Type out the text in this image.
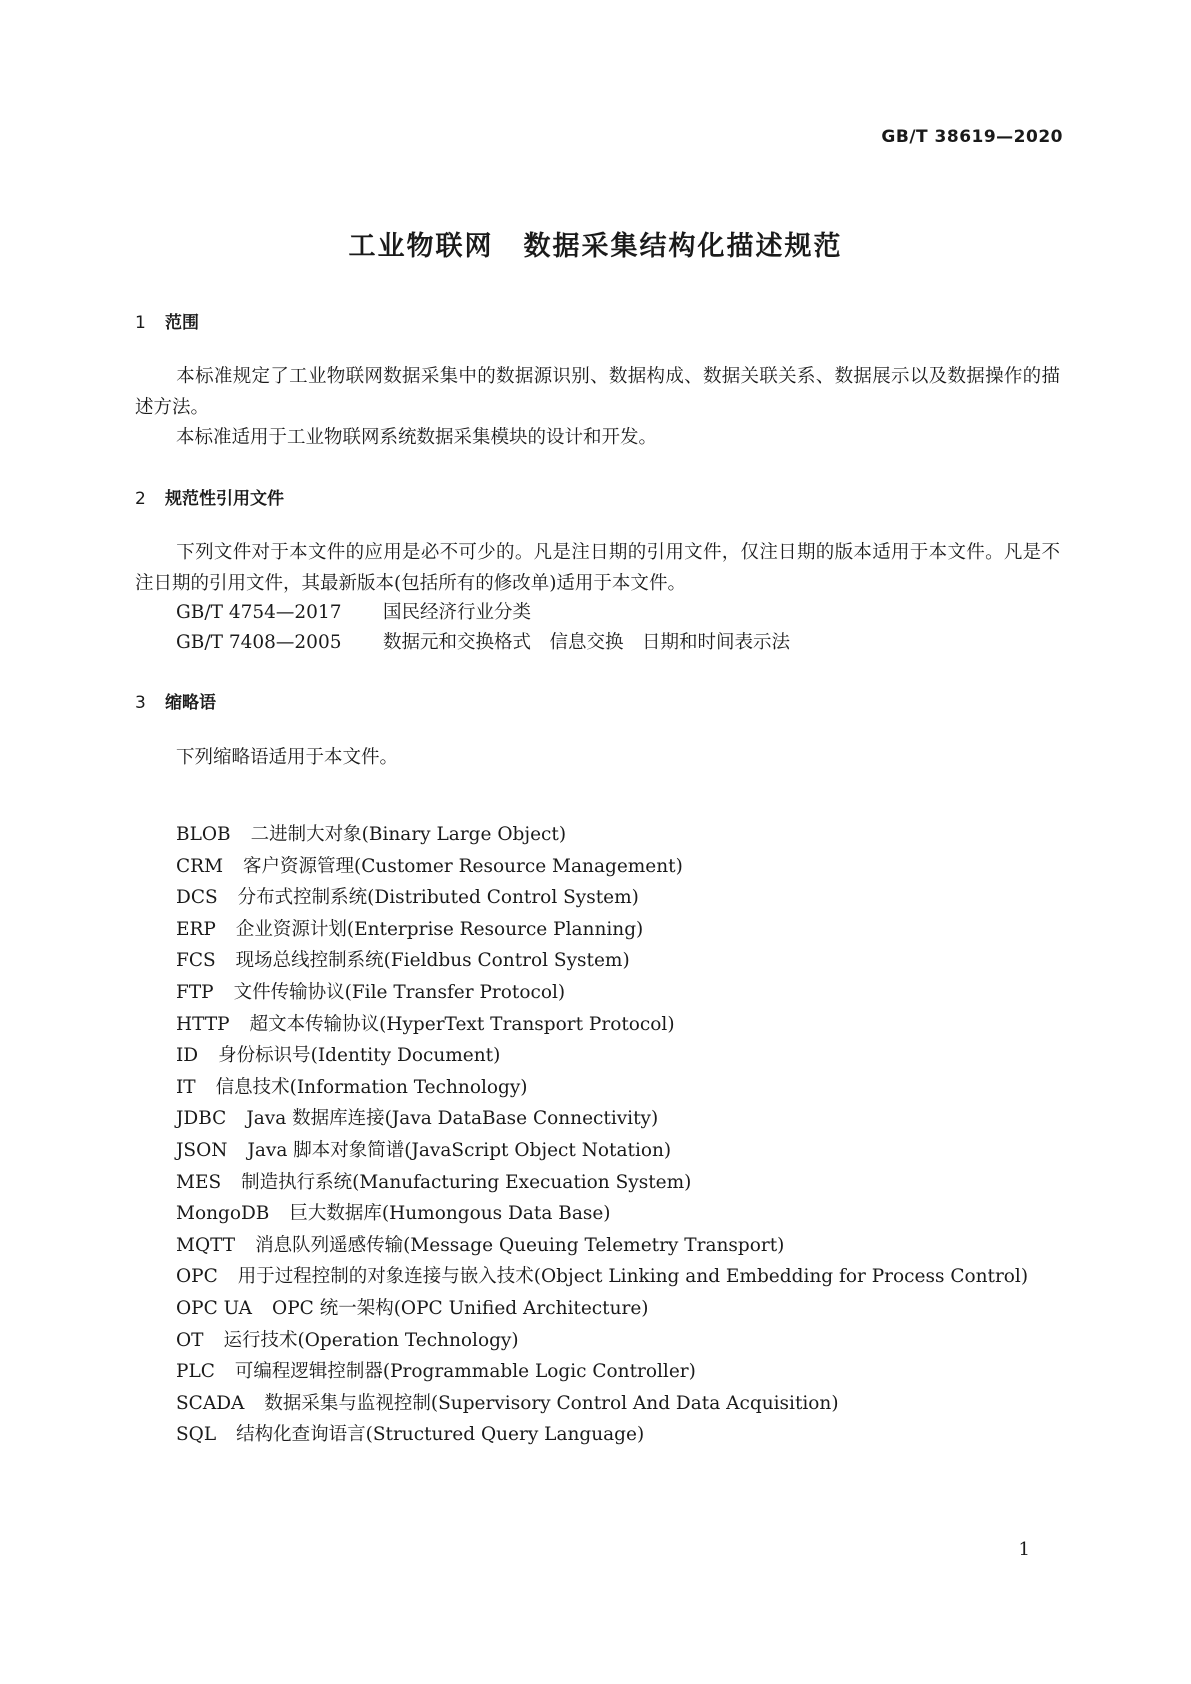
GB/T 38619—2020
工业物联网 数据采集结构化描述规范
1 范围
本标准规定了工业物联网数据采集中的数据源识别、数据构成、数据关联关系、数据展示以及数据操作的描述方法。
本标准适用于工业物联网系统数据采集模块的设计和开发。
2 规范性引用文件
下列文件对于本文件的应用是必不可少的。凡是注日期的引用文件，仅注日期的版本适用于本文件。凡是不注日期的引用文件，其最新版本(包括所有的修改单)适用于本文件。
GB/T 4754—2017 国民经济行业分类
GB/T 7408—2005 数据元和交换格式　信息交换　日期和时间表示法
3 缩略语
下列缩略语适用于本文件。
BLOB 二进制大对象(Binary Large Object)
CRM 客户资源管理(Customer Resource Management)
DCS 分布式控制系统(Distributed Control System)
ERP 企业资源计划(Enterprise Resource Planning)
FCS 现场总线控制系统(Fieldbus Control System)
FTP 文件传输协议(File Transfer Protocol)
HTTP 超文本传输协议(HyperText Transport Protocol)
ID 身份标识号(Identity Document)
IT 信息技术(Information Technology)
JDBC Java 数据库连接(Java DataBase Connectivity)
JSON Java 脚本对象简谱(JavaScript Object Notation)
MES 制造执行系统(Manufacturing Execuation System)
MongoDB 巨大数据库(Humongous Data Base)
MQTT 消息队列遥感传输(Message Queuing Telemetry Transport)
OPC 用于过程控制的对象连接与嵌入技术(Object Linking and Embedding for Process Control)
OPC UA OPC 统一架构(OPC Unified Architecture)
OT 运行技术(Operation Technology)
PLC 可编程逻辑控制器(Programmable Logic Controller)
SCADA 数据采集与监视控制(Supervisory Control And Data Acquisition)
SQL 结构化查询语言(Structured Query Language)
1
